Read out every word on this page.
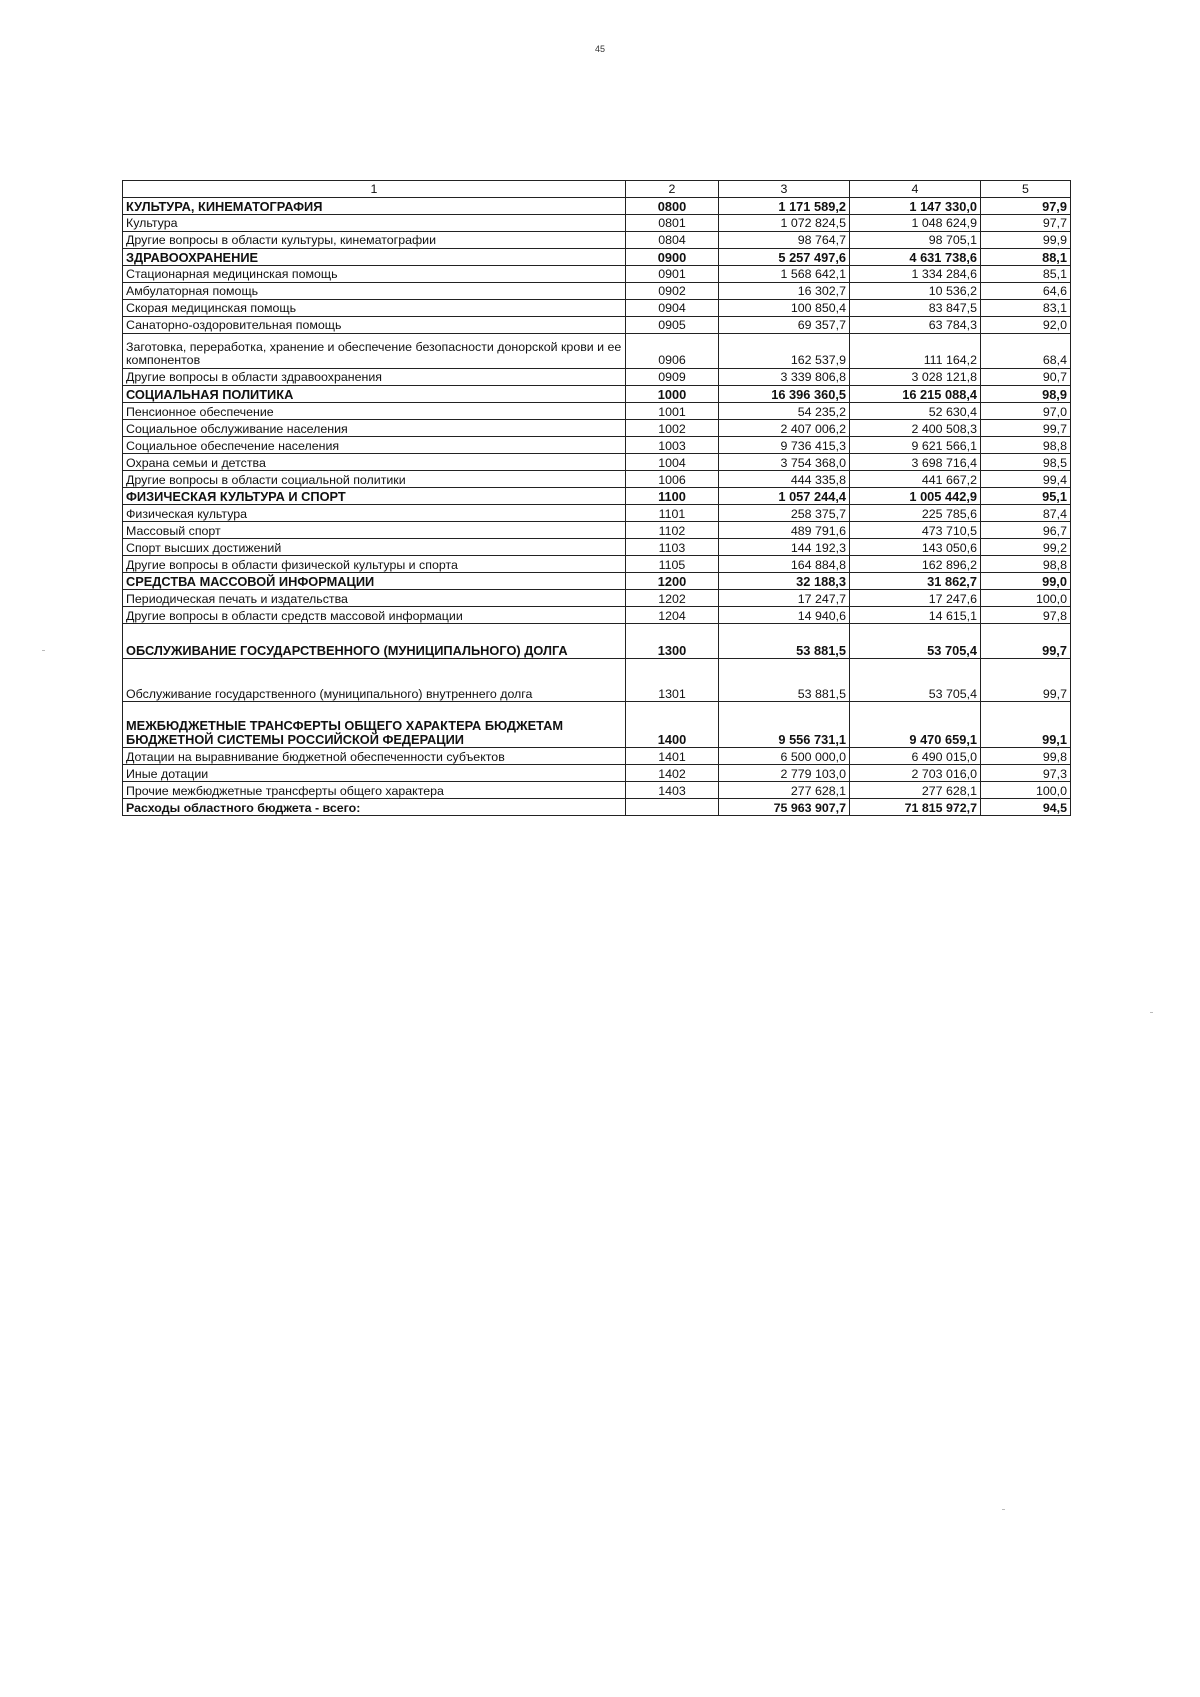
45
1	2	3	4	5
КУЛЬТУРА, КИНЕМАТОГРАФИЯ	0800	1 171 589,2	1 147 330,0	97,9
Культура	0801	1 072 824,5	1 048 624,9	97,7
Другие вопросы в области культуры, кинематографии	0804	98 764,7	98 705,1	99,9
ЗДРАВООХРАНЕНИЕ	0900	5 257 497,6	4 631 738,6	88,1
Стационарная медицинская помощь	0901	1 568 642,1	1 334 284,6	85,1
Амбулаторная помощь	0902	16 302,7	10 536,2	64,6
Скорая медицинская помощь	0904	100 850,4	83 847,5	83,1
Санаторно-оздоровительная помощь	0905	69 357,7	63 784,3	92,0
Заготовка, переработка, хранение и обеспечение безопасности донорской крови и ее компонентов	0906	162 537,9	111 164,2	68,4
Другие вопросы в области здравоохранения	0909	3 339 806,8	3 028 121,8	90,7
СОЦИАЛЬНАЯ ПОЛИТИКА	1000	16 396 360,5	16 215 088,4	98,9
Пенсионное обеспечение	1001	54 235,2	52 630,4	97,0
Социальное обслуживание населения	1002	2 407 006,2	2 400 508,3	99,7
Социальное обеспечение населения	1003	9 736 415,3	9 621 566,1	98,8
Охрана семьи и детства	1004	3 754 368,0	3 698 716,4	98,5
Другие вопросы в области социальной политики	1006	444 335,8	441 667,2	99,4
ФИЗИЧЕСКАЯ КУЛЬТУРА И СПОРТ	1100	1 057 244,4	1 005 442,9	95,1
Физическая культура	1101	258 375,7	225 785,6	87,4
Массовый спорт	1102	489 791,6	473 710,5	96,7
Спорт высших достижений	1103	144 192,3	143 050,6	99,2
Другие вопросы в области физической культуры и спорта	1105	164 884,8	162 896,2	98,8
СРЕДСТВА МАССОВОЙ ИНФОРМАЦИИ	1200	32 188,3	31 862,7	99,0
Периодическая печать и издательства	1202	17 247,7	17 247,6	100,0
Другие вопросы в области средств массовой информации	1204	14 940,6	14 615,1	97,8
ОБСЛУЖИВАНИЕ ГОСУДАРСТВЕННОГО (МУНИЦИПАЛЬНОГО) ДОЛГА	1300	53 881,5	53 705,4	99,7
Обслуживание государственного (муниципального) внутреннего долга	1301	53 881,5	53 705,4	99,7
МЕЖБЮДЖЕТНЫЕ ТРАНСФЕРТЫ ОБЩЕГО ХАРАКТЕРА БЮДЖЕТАМ БЮДЖЕТНОЙ СИСТЕМЫ РОССИЙСКОЙ ФЕДЕРАЦИИ	1400	9 556 731,1	9 470 659,1	99,1
Дотации на выравнивание бюджетной обеспеченности субъектов	1401	6 500 000,0	6 490 015,0	99,8
Иные дотации	1402	2 779 103,0	2 703 016,0	97,3
Прочие межбюджетные трансферты общего характера	1403	277 628,1	277 628,1	100,0
Расходы областного бюджета - всего:		75 963 907,7	71 815 972,7	94,5
